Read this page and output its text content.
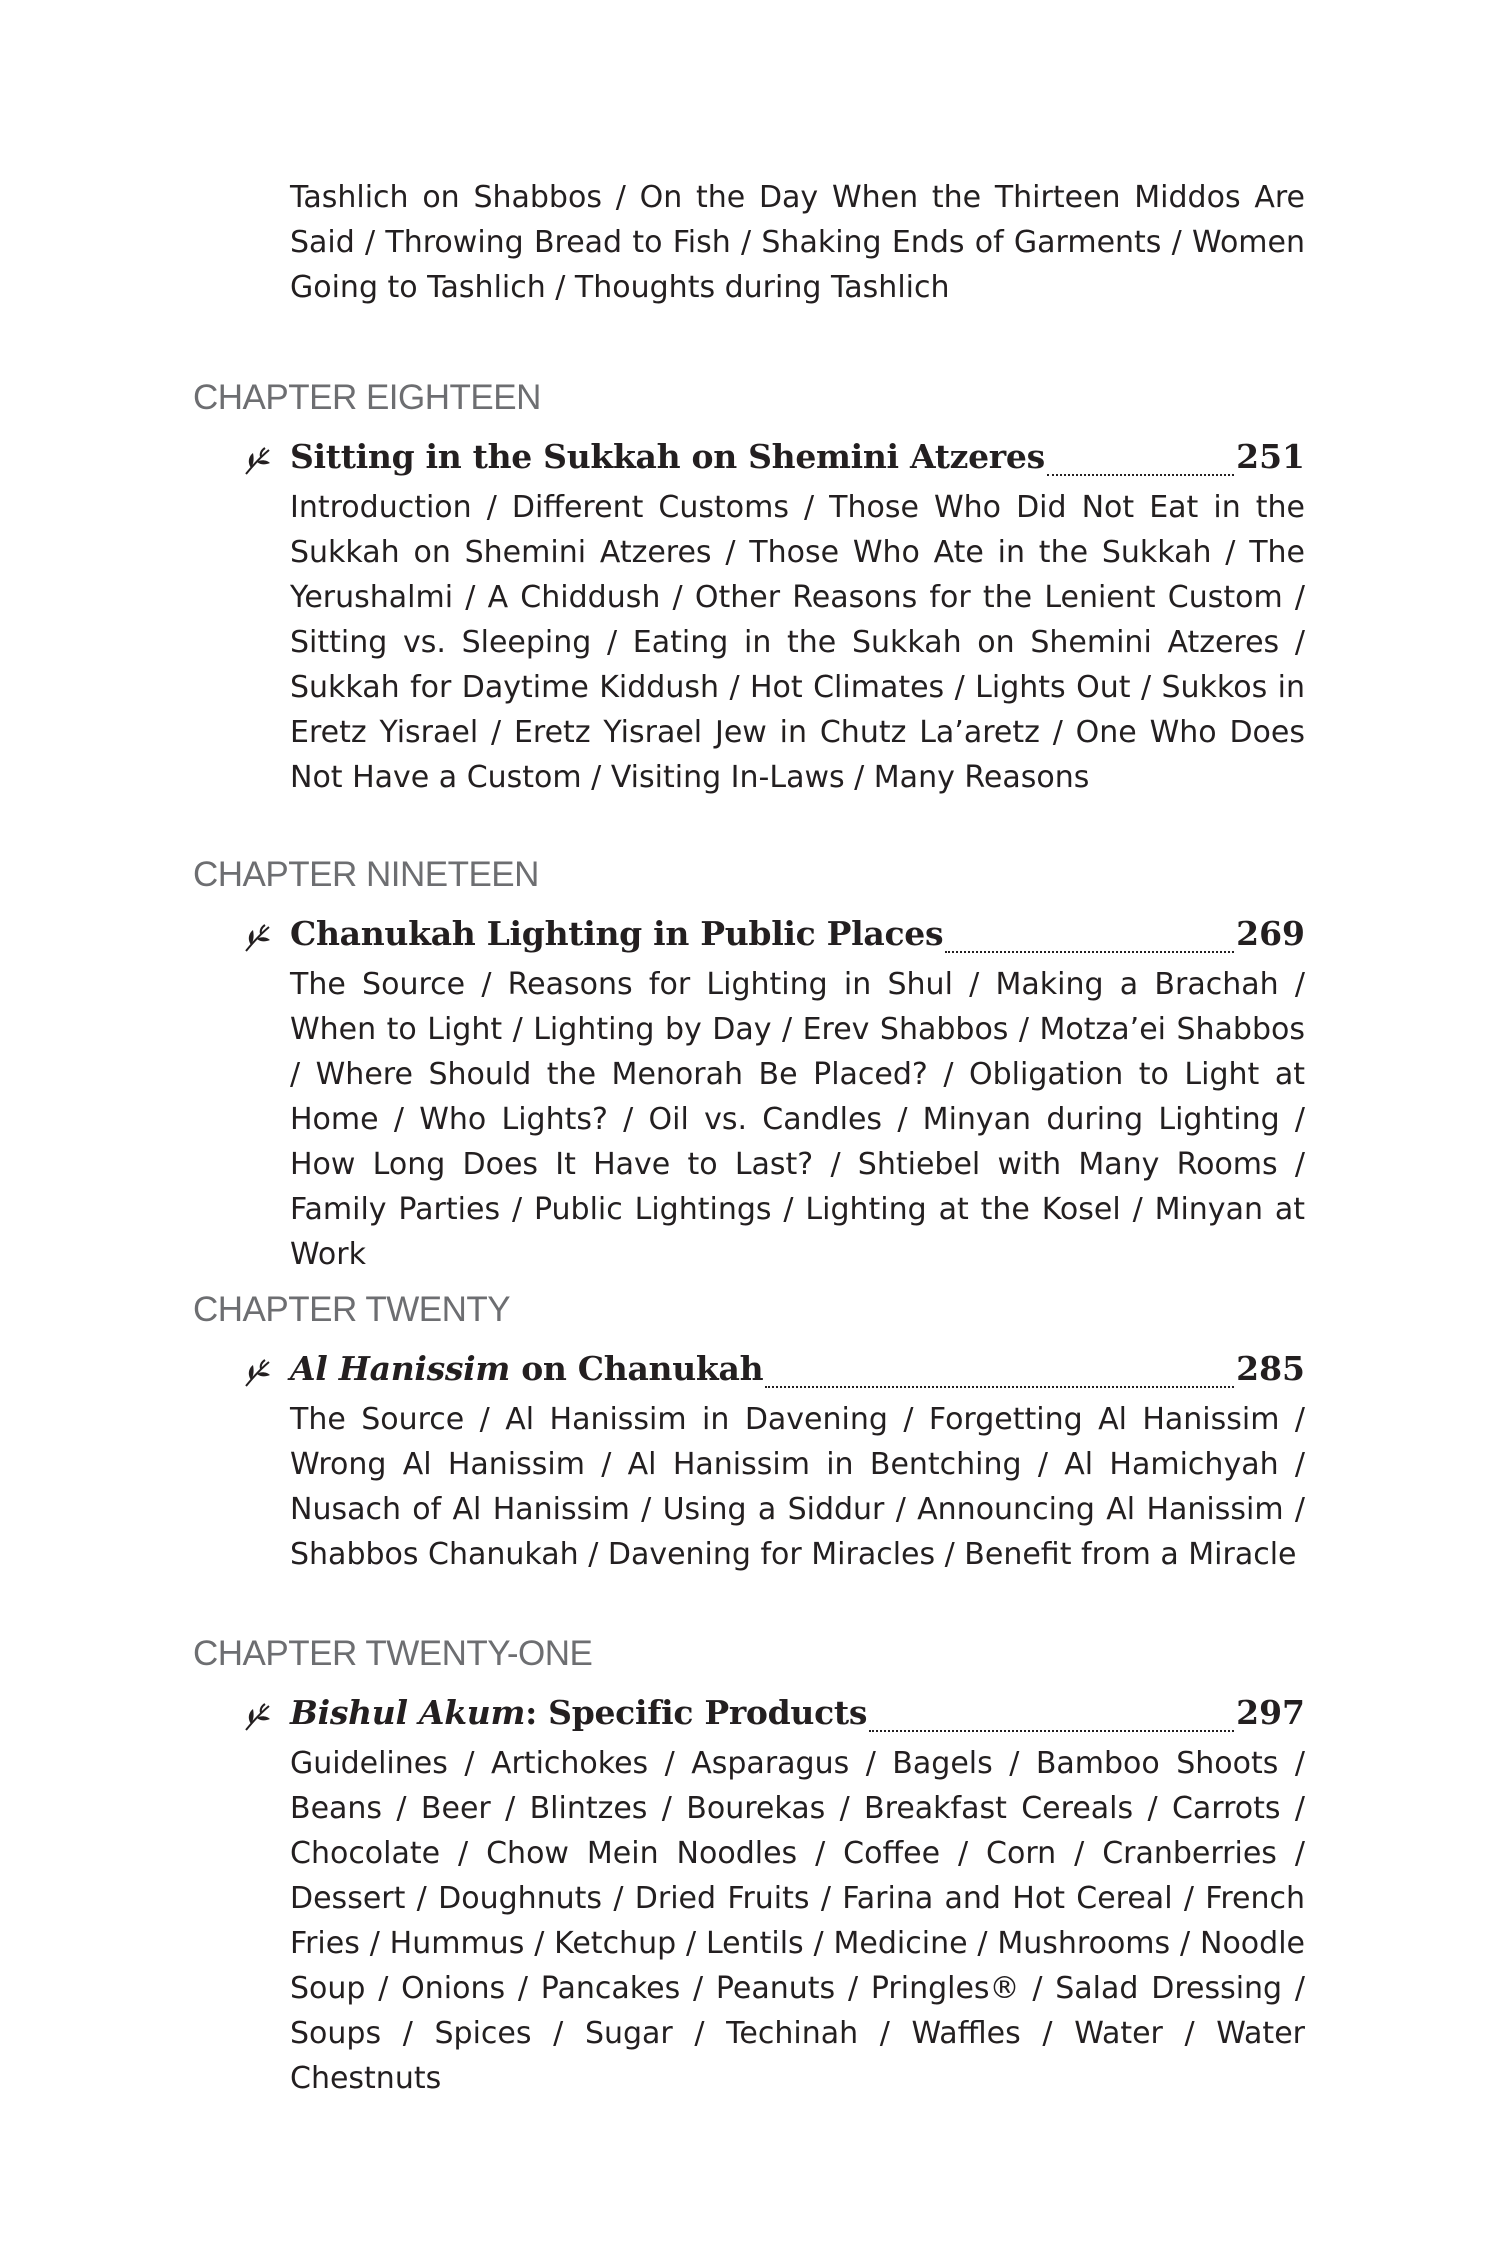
Tashlich on Shabbos / On the Day When the Thirteen Middos Are Said / Throwing Bread to Fish / Shaking Ends of Garments / Women Going to Tashlich / Thoughts during Tashlich

CHAPTER EIGHTEEN

Sitting in the Sukkah on Shemini Atzeres	251
Introduction / Different Customs / Those Who Did Not Eat in the Sukkah on Shemini Atzeres / Those Who Ate in the Sukkah / The Yerushalmi / A Chiddush / Other Reasons for the Lenient Custom / Sitting vs. Sleeping / Eating in the Sukkah on Shemini Atzeres / Sukkah for Daytime Kiddush / Hot Climates / Lights Out / Sukkos in Eretz Yisrael / Eretz Yisrael Jew in Chutz La’aretz / One Who Does Not Have a Custom / Visiting In-Laws / Many Reasons

CHAPTER NINETEEN

Chanukah Lighting in Public Places	269
The Source / Reasons for Lighting in Shul / Making a Brachah / When to Light / Lighting by Day / Erev Shabbos / Motza’ei Shabbos / Where Should the Menorah Be Placed? / Obligation to Light at Home / Who Lights? / Oil vs. Candles / Minyan during Lighting / How Long Does It Have to Last? / Shtiebel with Many Rooms / Family Parties / Public Lightings / Lighting at the Kosel / Minyan at Work

CHAPTER TWENTY

Al Hanissim on Chanukah	285
The Source / Al Hanissim in Davening / Forgetting Al Hanissim / Wrong Al Hanissim / Al Hanissim in Bentching / Al Hamichyah / Nusach of Al Hanissim / Using a Siddur / Announcing Al Hanissim / Shabbos Chanukah / Davening for Miracles / Benefit from a Miracle

CHAPTER TWENTY-ONE

Bishul Akum: Specific Products	297
Guidelines / Artichokes / Asparagus / Bagels / Bamboo Shoots / Beans / Beer / Blintzes / Bourekas / Breakfast Cereals / Carrots / Chocolate / Chow Mein Noodles / Coffee / Corn / Cranberries / Dessert / Doughnuts / Dried Fruits / Farina and Hot Cereal / French Fries / Hummus / Ketchup / Lentils / Medicine / Mushrooms / Noodle Soup / Onions / Pancakes / Peanuts / Pringles® / Salad Dressing / Soups / Spices / Sugar / Techinah / Waffles / Water / Water Chestnuts
